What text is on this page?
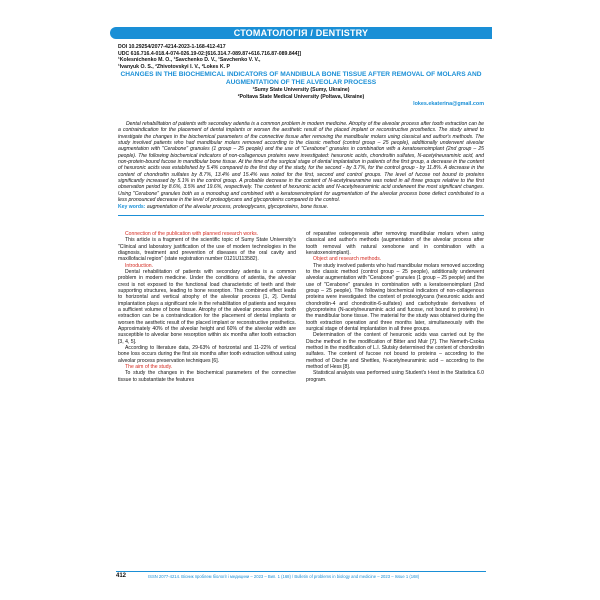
СТОМАТОЛОГІЯ / DENTISTRY
DOI 10.29254/2077-4214-2023-1-168-412-417
UDC 616.716.4-018.4-074-026.19-02:[616.314.7-089.87+616.716.87-089.844]]
¹Kolesnichenko M. O., ¹Savchenko D. V., ¹Savchenko V. V.,
¹Ivanyuk O. S., ²Zhivotovskyi I. V., ²Lokes K. P
CHANGES IN THE BIOCHEMICAL INDICATORS OF MANDIBULA BONE TISSUE AFTER REMOVAL OF MOLARS AND AUGMENTATION OF THE ALVEOLAR PROCESS
¹Sumy State University (Sumy, Ukraine)
²Poltava State Medical University (Poltava, Ukraine)
lokes.ekaterina@gmail.com
Dental rehabilitation of patients with secondary adentia is a common problem in modern medicine. Atrophy of the alveolar process after tooth extraction can be a contraindication for the placement of dental implants or worsen the aesthetic result of the placed implant or reconstructive prosthetics. The study aimed to investigate the changes in the biochemical parameters of the connective tissue after removing the mandibular molars using classical and author's methods. The study involved patients who had mandibular molars removed according to the classic method (control group – 25 people), additionally underwent alveolar augmentation with "Cerabone" granules (1 group – 25 people) and the use of "Cerabone" granules in combination with a keratoxenoimplant (2nd group – 25 people). The following biochemical indicators of non-collagenous proteins were investigated: hexuronic acids, chondroitin sulfates, N-acetylneuraminic acid, and non-protein-bound fucose in mandibular bone tissue. At the time of the surgical stage of dental implantation in patients of the first group, a decrease in the content of hexuronic acids was established by 5.4% compared to the first day of the study, for the second - by 3.7%, for the control group - by 11.8%. A decrease in the content of chondroitin sulfates by 8.7%, 13.4% and 15.4% was noted for the first, second and control groups. The level of fucose not bound to proteins significantly increased by 5.1% in the control group. A probable decrease in the content of N-acetylneuramine was noted in all three groups relative to the first observation period by 8.6%, 3.5% and 19.6%, respectively. The content of hexuronic acids and N-acetylneuraminic acid underwent the most significant changes. Using "Cerabone" granules both as a monodrug and combined with a keratoxenoimplant for augmentation of the alveolar process bone defect contributed to a less pronounced decrease in the level of proteoglycans and glycoproteins compared to the control.
Key words: augmentation of the alveolar process, proteoglycans, glycoproteins, bone tissue.

Connection of the publication with planned research works.

This article is a fragment of the scientific topic of Sumy State University's "Clinical and laboratory justification of the use of modern technologies in the diagnosis, treatment and prevention of diseases of the oral cavity and maxillofacial region" (state registration number 0121U113582).

Introduction.

Dental rehabilitation of patients with secondary adentia is a common problem in modern medicine. Under the conditions of adentia, the alveolar crest is not exposed to the functional load characteristic of teeth and their supporting structures, leading to bone resorption. This combined effect leads to horizontal and vertical atrophy of the alveolar process [1, 2]. Dental implantation plays a significant role in the rehabilitation of patients and requires a sufficient volume of bone tissue. Atrophy of the alveolar process after tooth extraction can be a contraindication for the placement of dental implants or worsen the aesthetic result of the placed implant or reconstructive prosthetics. Approximately 40% of the alveolar height and 60% of the alveolar width are susceptible to alveolar bone resorption within six months after tooth extraction [3, 4, 5].

According to literature data, 29-63% of horizontal and 11-22% of vertical bone loss occurs during the first six months after tooth extraction without using alveolar process preservation techniques [6].

The aim of the study.

To study the changes in the biochemical parameters of the connective tissue to substantiate the features

of reparative osteogenesis after removing mandibular molars when using classical and author's methods (augmentation of the alveolar process after tooth removal with natural xenobone and in combination with a keratoxenoimplant).

Object and research methods.

The study involved patients who had mandibular molars removed according to the classic method (control group – 25 people), additionally underwent alveolar augmentation with "Cerabone" granules (1 group – 25 people) and the use of "Cerabone" granules in combination with a keratoxenoimplant (2nd group – 25 people). The following biochemical indicators of non-collagenous proteins were investigated: the content of proteoglycans (hexuronic acids and chondroitin-4 and chondroitin-6-sulfates) and carbohydrate derivatives of glycoproteins (N-acetylneuraminic acid and fucose, not bound to proteins) in the mandibular bone tissue. The material for the study was obtained during the tooth extraction operation and three months later, simultaneously with the surgical stage of dental implantation in all three groups.

Determination of the content of hexuronic acids was carried out by the Dische method in the modification of Bitter and Muir [7]. The Nemeth-Csoka method in the modification of L.I. Slutsky determined the content of chondroitin sulfates. The content of fucose not bound to proteins – according to the method of Dische and Shettles, N-acetylneuraminic acid – according to the method of Hess [8].

Statistical analysis was performed using Student's t-test in the Statistica 6.0 program.

412	ISSN 2077-4214. Вісник проблем біології і медицини – 2023 – Вип. 1 (168) / Bulletin of problems in biology and medicine – 2023 – Issue 1 (168)
